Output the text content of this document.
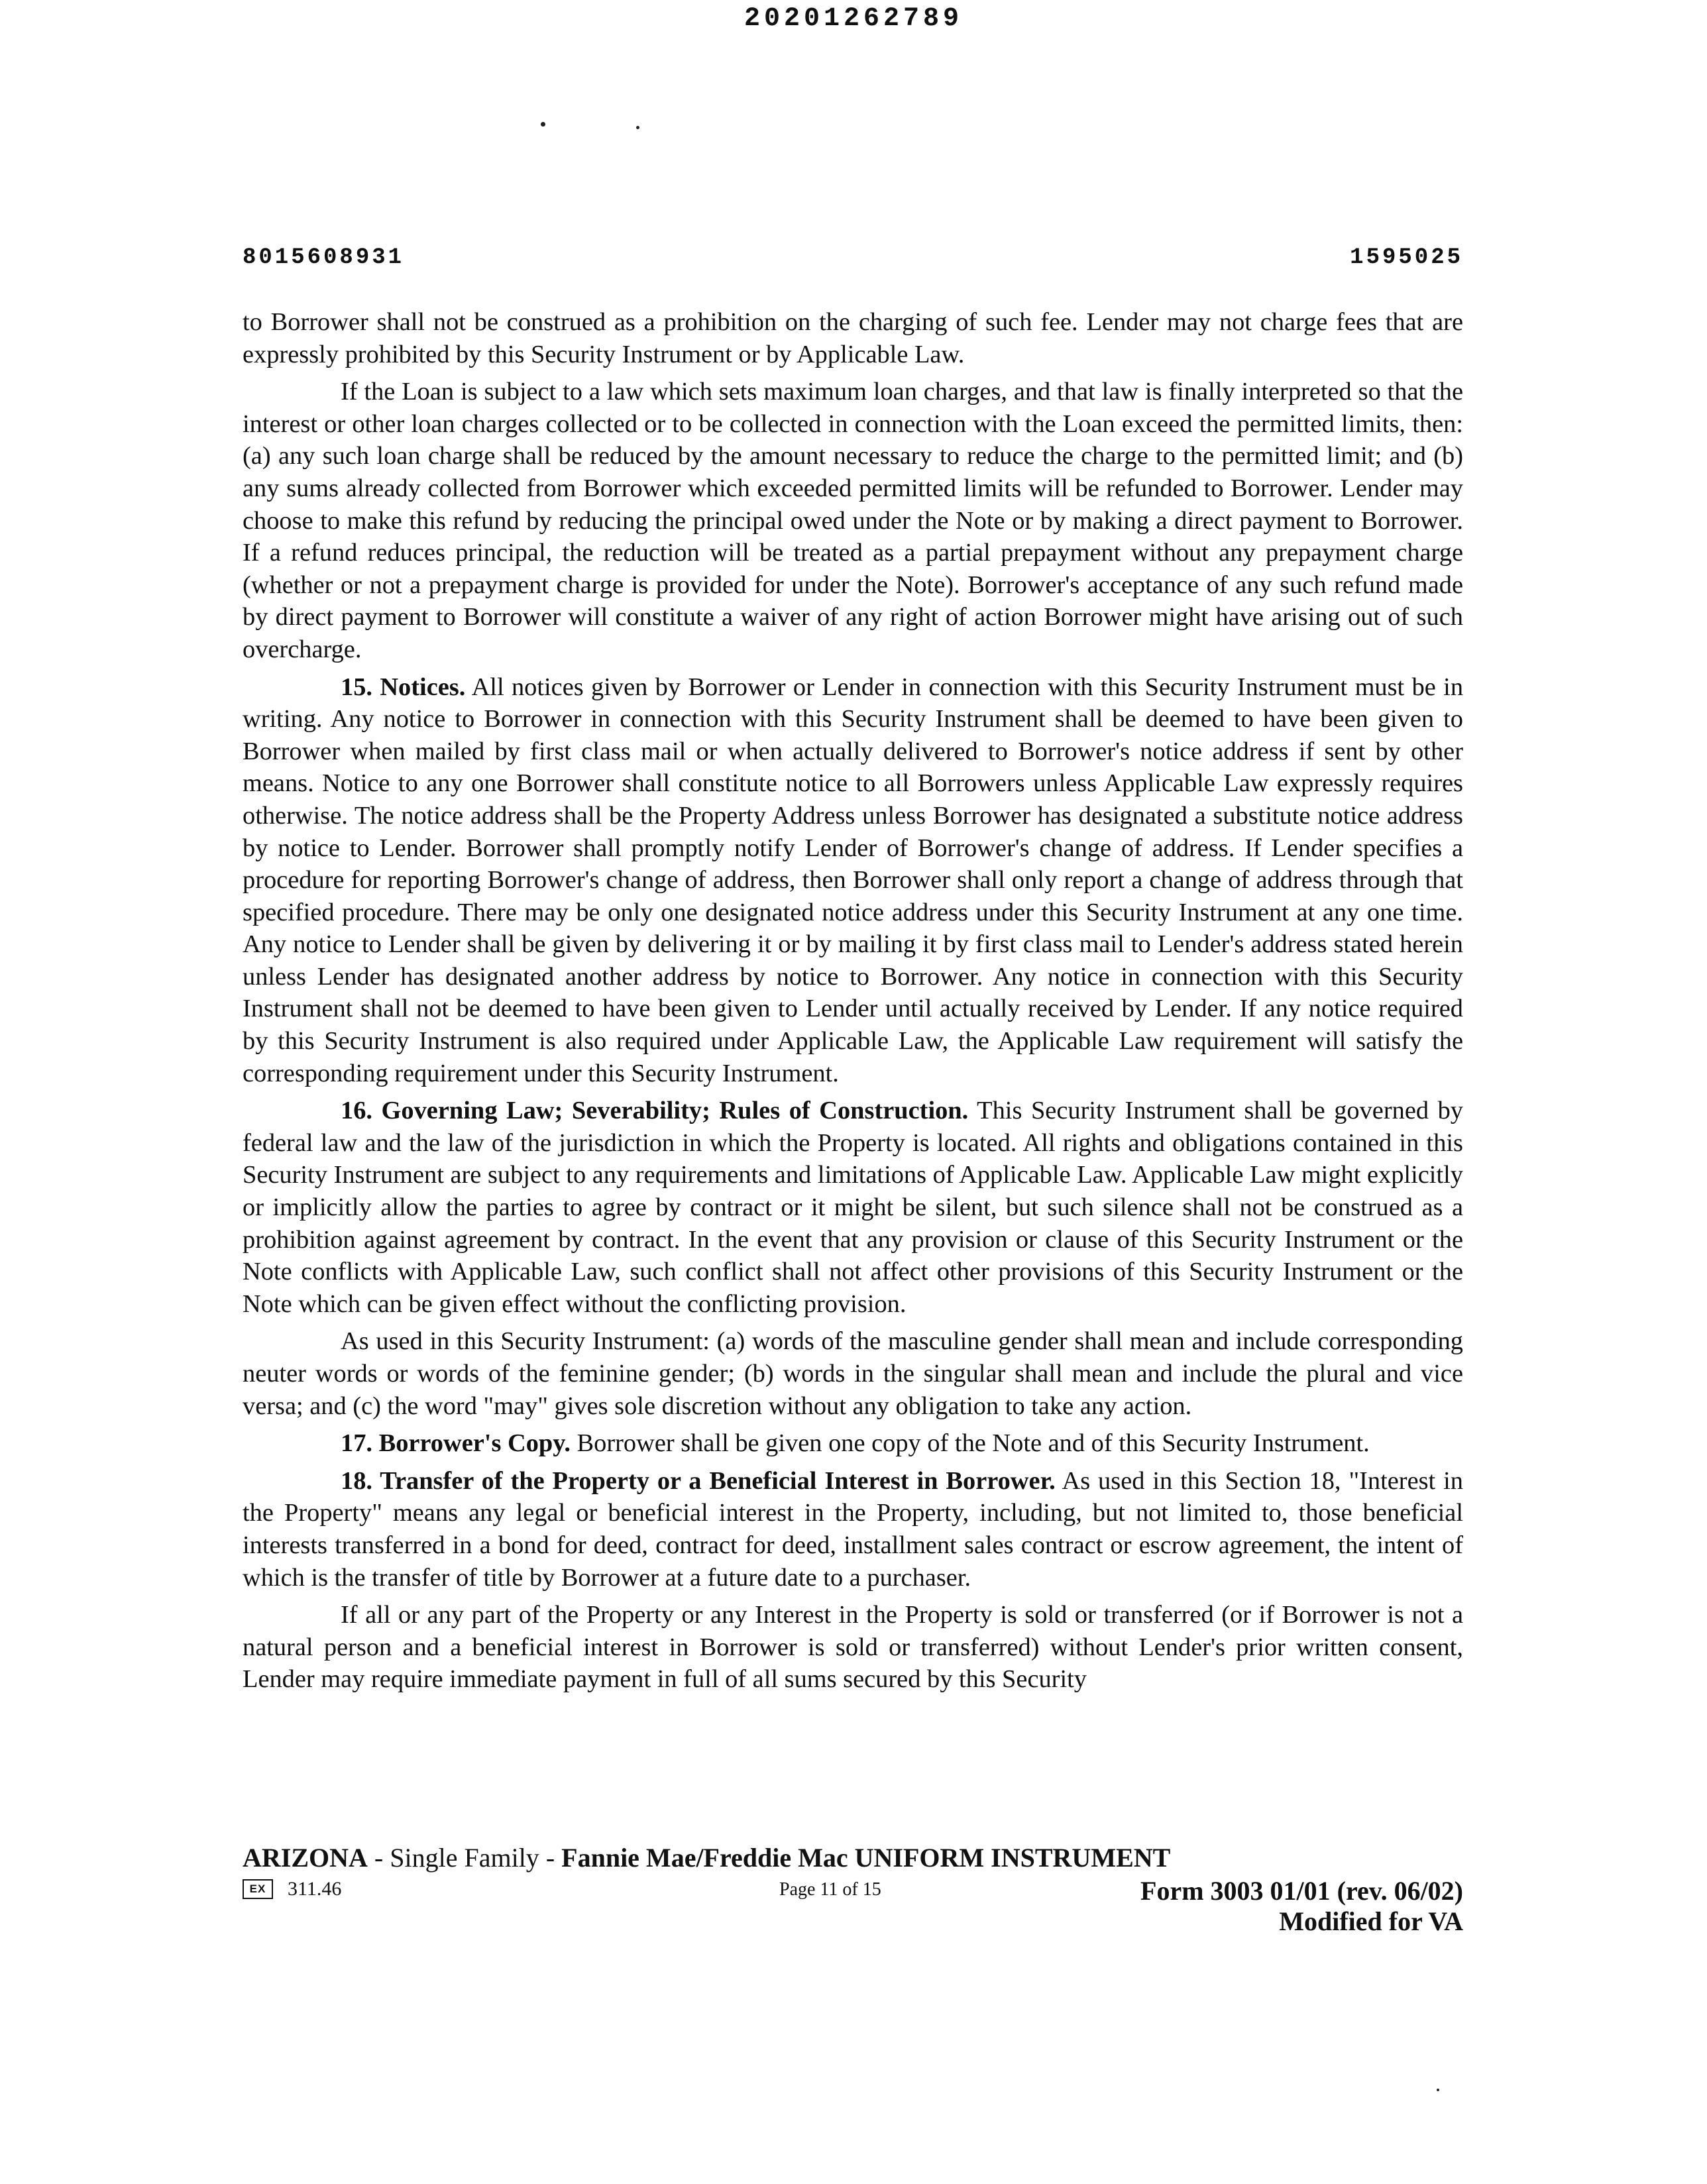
20201262789
8015608931	1595025

to Borrower shall not be construed as a prohibition on the charging of such fee. Lender may not charge fees that are expressly prohibited by this Security Instrument or by Applicable Law.

If the Loan is subject to a law which sets maximum loan charges, and that law is finally interpreted so that the interest or other loan charges collected or to be collected in connection with the Loan exceed the permitted limits, then: (a) any such loan charge shall be reduced by the amount necessary to reduce the charge to the permitted limit; and (b) any sums already collected from Borrower which exceeded permitted limits will be refunded to Borrower. Lender may choose to make this refund by reducing the principal owed under the Note or by making a direct payment to Borrower. If a refund reduces principal, the reduction will be treated as a partial prepayment without any prepayment charge (whether or not a prepayment charge is provided for under the Note). Borrower's acceptance of any such refund made by direct payment to Borrower will constitute a waiver of any right of action Borrower might have arising out of such overcharge.

15. Notices. All notices given by Borrower or Lender in connection with this Security Instrument must be in writing. Any notice to Borrower in connection with this Security Instrument shall be deemed to have been given to Borrower when mailed by first class mail or when actually delivered to Borrower's notice address if sent by other means. Notice to any one Borrower shall constitute notice to all Borrowers unless Applicable Law expressly requires otherwise. The notice address shall be the Property Address unless Borrower has designated a substitute notice address by notice to Lender. Borrower shall promptly notify Lender of Borrower's change of address. If Lender specifies a procedure for reporting Borrower's change of address, then Borrower shall only report a change of address through that specified procedure. There may be only one designated notice address under this Security Instrument at any one time. Any notice to Lender shall be given by delivering it or by mailing it by first class mail to Lender's address stated herein unless Lender has designated another address by notice to Borrower. Any notice in connection with this Security Instrument shall not be deemed to have been given to Lender until actually received by Lender. If any notice required by this Security Instrument is also required under Applicable Law, the Applicable Law requirement will satisfy the corresponding requirement under this Security Instrument.

16. Governing Law; Severability; Rules of Construction. This Security Instrument shall be governed by federal law and the law of the jurisdiction in which the Property is located. All rights and obligations contained in this Security Instrument are subject to any requirements and limitations of Applicable Law. Applicable Law might explicitly or implicitly allow the parties to agree by contract or it might be silent, but such silence shall not be construed as a prohibition against agreement by contract. In the event that any provision or clause of this Security Instrument or the Note conflicts with Applicable Law, such conflict shall not affect other provisions of this Security Instrument or the Note which can be given effect without the conflicting provision.

As used in this Security Instrument: (a) words of the masculine gender shall mean and include corresponding neuter words or words of the feminine gender; (b) words in the singular shall mean and include the plural and vice versa; and (c) the word "may" gives sole discretion without any obligation to take any action.

17. Borrower's Copy. Borrower shall be given one copy of the Note and of this Security Instrument.

18. Transfer of the Property or a Beneficial Interest in Borrower. As used in this Section 18, "Interest in the Property" means any legal or beneficial interest in the Property, including, but not limited to, those beneficial interests transferred in a bond for deed, contract for deed, installment sales contract or escrow agreement, the intent of which is the transfer of title by Borrower at a future date to a purchaser.

If all or any part of the Property or any Interest in the Property is sold or transferred (or if Borrower is not a natural person and a beneficial interest in Borrower is sold or transferred) without Lender's prior written consent, Lender may require immediate payment in full of all sums secured by this Security

ARIZONA - Single Family - Fannie Mae/Freddie Mac UNIFORM INSTRUMENT
EX	311.46	Page 11 of 15	Form 3003 01/01 (rev. 06/02)
Modified for VA
